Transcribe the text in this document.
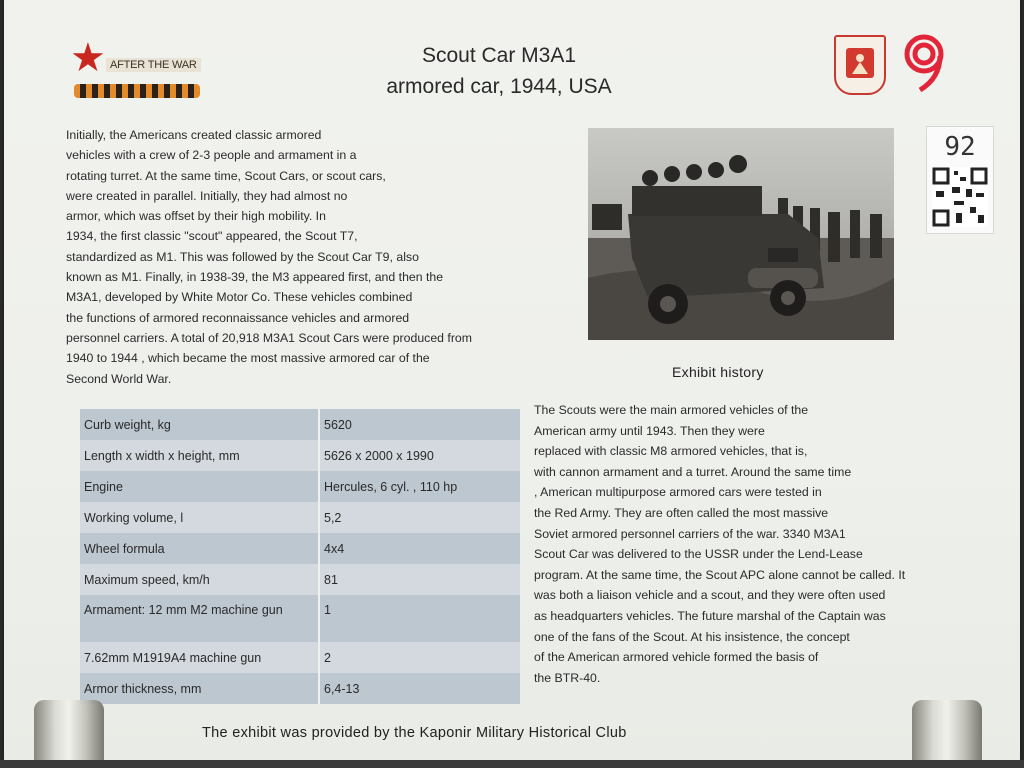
★ AFTER THE WAR	Scout Car M3A1
armored car, 1944, USA
92
Initially, the Americans created classic armored
vehicles with a crew of 2-3 people and armament in a
rotating turret. At the same time, Scout Cars, or scout cars,
were created in parallel. Initially, they had almost no
armor, which was offset by their high mobility. In
1934, the first classic "scout" appeared, the Scout T7,
standardized as M1. This was followed by the Scout Car T9, also
known as M1. Finally, in 1938-39, the M3 appeared first, and then the
M3A1, developed by White Motor Co. These vehicles combined
the functions of armored reconnaissance vehicles and armored
personnel carriers. A total of 20,918 M3A1 Scout Cars were produced from
1940 to 1944 , which became the most massive armored car of the
Second World War.	Exhibit history
Curb weight, kg	5620
Length x width x height, mm	5626 x 2000 x 1990
Engine	Hercules, 6 cyl. , 110 hp
Working volume, l	5,2
Wheel formula	4x4
Maximum speed, km/h	81
Armament: 12 mm M2 machine gun	1
7.62mm M1919A4 machine gun	2
Armor thickness, mm	6,4-13
The Scouts were the main armored vehicles of the
American army until 1943. Then they were
replaced with classic M8 armored vehicles, that is,
with cannon armament and a turret. Around the same time
, American multipurpose armored cars were tested in
the Red Army. They are often called the most massive
Soviet armored personnel carriers of the war. 3340 M3A1
Scout Car was delivered to the USSR under the Lend-Lease
program. At the same time, the Scout APC alone cannot be called. It
was both a liaison vehicle and a scout, and they were often used
as headquarters vehicles. The future marshal of the Captain was
one of the fans of the Scout. At his insistence, the concept
of the American armored vehicle formed the basis of
the BTR-40.
The exhibit was provided by the Kaponir Military Historical Club
